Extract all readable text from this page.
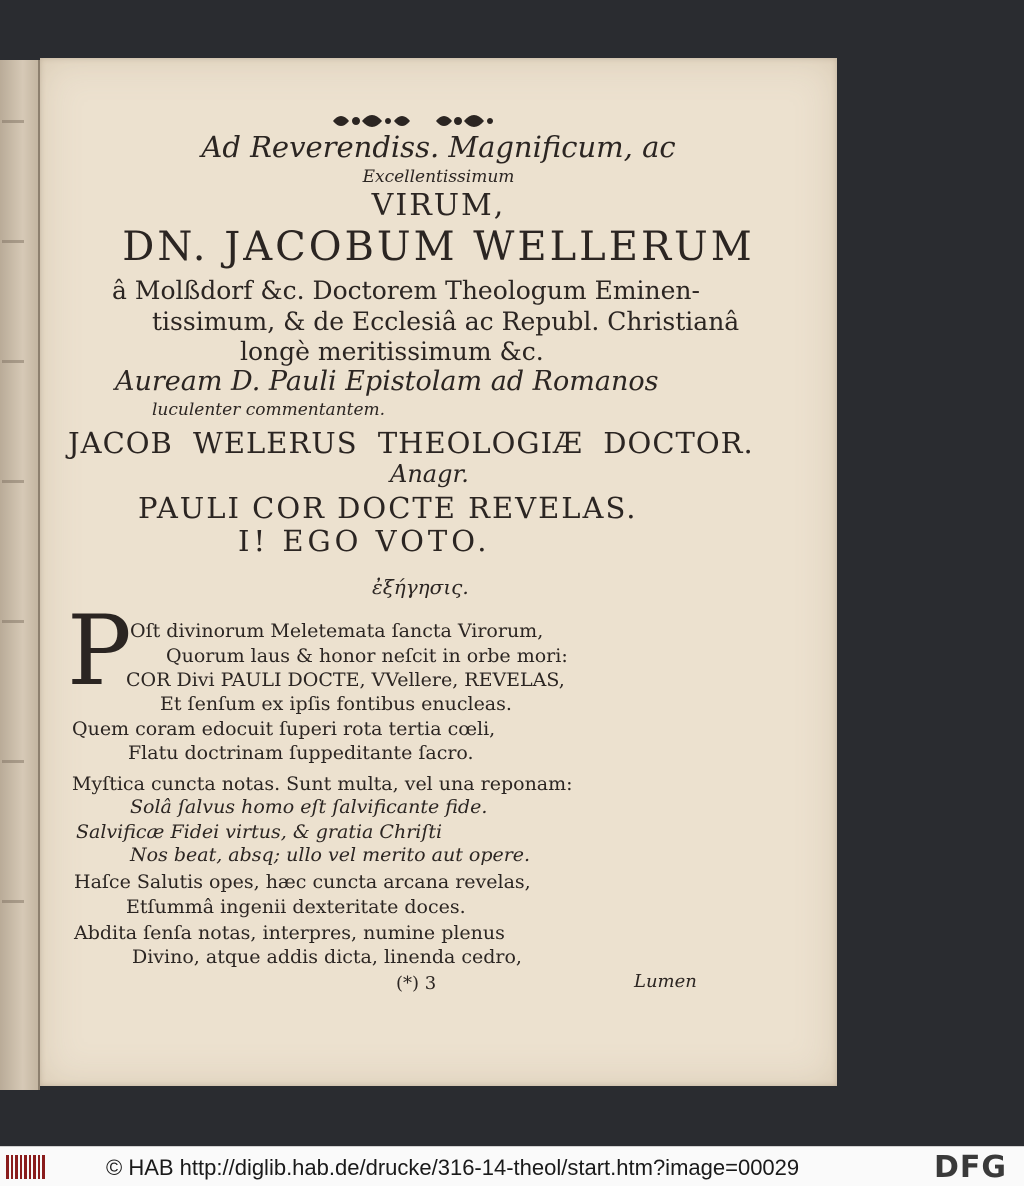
Ad Reverendiss. Magnificum, ac
Excellentissimum
VIRUM,
DN. JACOBUM WELLERUM
â Molßdorf &c. Doctorem Theologum Eminen-
tissimum, & de Ecclesiâ ac Republ. Christianâ
longè meritissimum &c.
Auream D. Pauli Epistolam ad Romanos
luculenter commentantem.
JACOB WELERUS THEOLOGIÆ DOCTOR.
Anagr.
PAULI COR DOCTE REVELAS.
I! EGO VOTO.
ἐξήγησις.
P
Oſt divinorum Meletemata ſancta Virorum,
Quorum laus & honor neſcit in orbe mori:
COR Divi PAULI DOCTE, VVellere, REVELAS,
Et ſenſum ex ipſis fontibus enucleas.
Quem coram edocuit ſuperi rota tertia cœli,
Flatu doctrinam ſuppeditante ſacro.
Myſtica cuncta notas. Sunt multa, vel una reponam:
Solâ ſalvus homo eſt ſalvificante fide.
Salvificæ Fidei virtus, & gratia Chriſti
Nos beat, absq; ullo vel merito aut opere.
Haſce Salutis opes, hæc cuncta arcana revelas,
Etſummâ ingenii dexteritate doces.
Abdita ſenſa notas, interpres, numine plenus
Divino, atque addis dicta, linenda cedro,
(*) 3	Lumen
© HAB http://diglib.hab.de/drucke/316-14-theol/start.htm?image=00029	DFG
